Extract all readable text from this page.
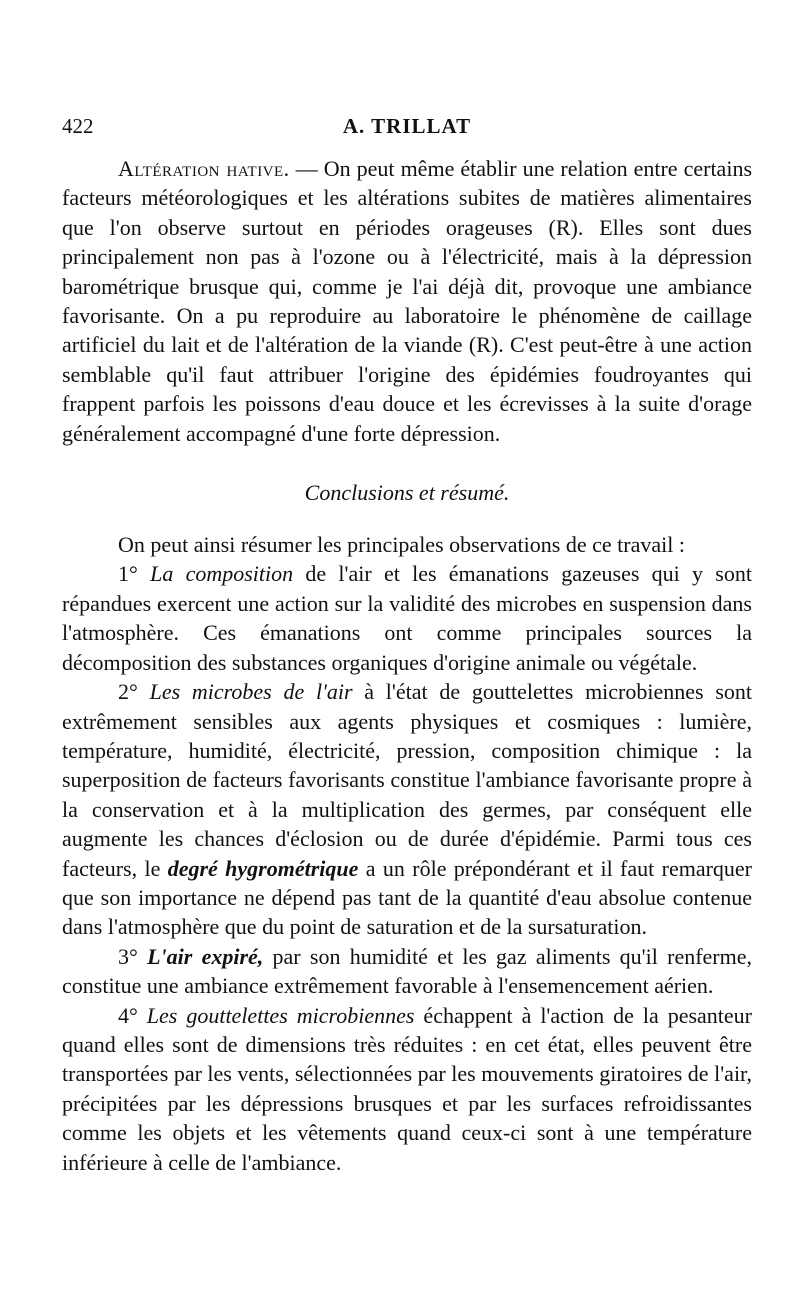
422	A. TRILLAT

Altération hative. — On peut même établir une relation entre certains facteurs météorologiques et les altérations subites de matières alimentaires que l'on observe surtout en périodes orageuses (R). Elles sont dues principalement non pas à l'ozone ou à l'électricité, mais à la dépression barométrique brusque qui, comme je l'ai déjà dit, provoque une ambiance favorisante. On a pu reproduire au laboratoire le phénomène de caillage artificiel du lait et de l'altération de la viande (R). C'est peut-être à une action semblable qu'il faut attribuer l'origine des épidémies foudroyantes qui frappent parfois les poissons d'eau douce et les écrevisses à la suite d'orage généralement accompagné d'une forte dépression.

Conclusions et résumé.

On peut ainsi résumer les principales observations de ce travail :

1° La composition de l'air et les émanations gazeuses qui y sont répandues exercent une action sur la validité des microbes en suspension dans l'atmosphère. Ces émanations ont comme principales sources la décomposition des substances organiques d'origine animale ou végétale.

2° Les microbes de l'air à l'état de gouttelettes microbiennes sont extrêmement sensibles aux agents physiques et cosmiques : lumière, température, humidité, électricité, pression, composition chimique : la superposition de facteurs favorisants constitue l'ambiance favorisante propre à la conservation et à la multiplication des germes, par conséquent elle augmente les chances d'éclosion ou de durée d'épidémie. Parmi tous ces facteurs, le degré hygrométrique a un rôle prépondérant et il faut remarquer que son importance ne dépend pas tant de la quantité d'eau absolue contenue dans l'atmosphère que du point de saturation et de la sursaturation.

3° L'air expiré, par son humidité et les gaz aliments qu'il renferme, constitue une ambiance extrêmement favorable à l'ensemencement aérien.

4° Les gouttelettes microbiennes échappent à l'action de la pesanteur quand elles sont de dimensions très réduites : en cet état, elles peuvent être transportées par les vents, sélectionnées par les mouvements giratoires de l'air, précipitées par les dépressions brusques et par les surfaces refroidissantes comme les objets et les vêtements quand ceux-ci sont à une température inférieure à celle de l'ambiance.
